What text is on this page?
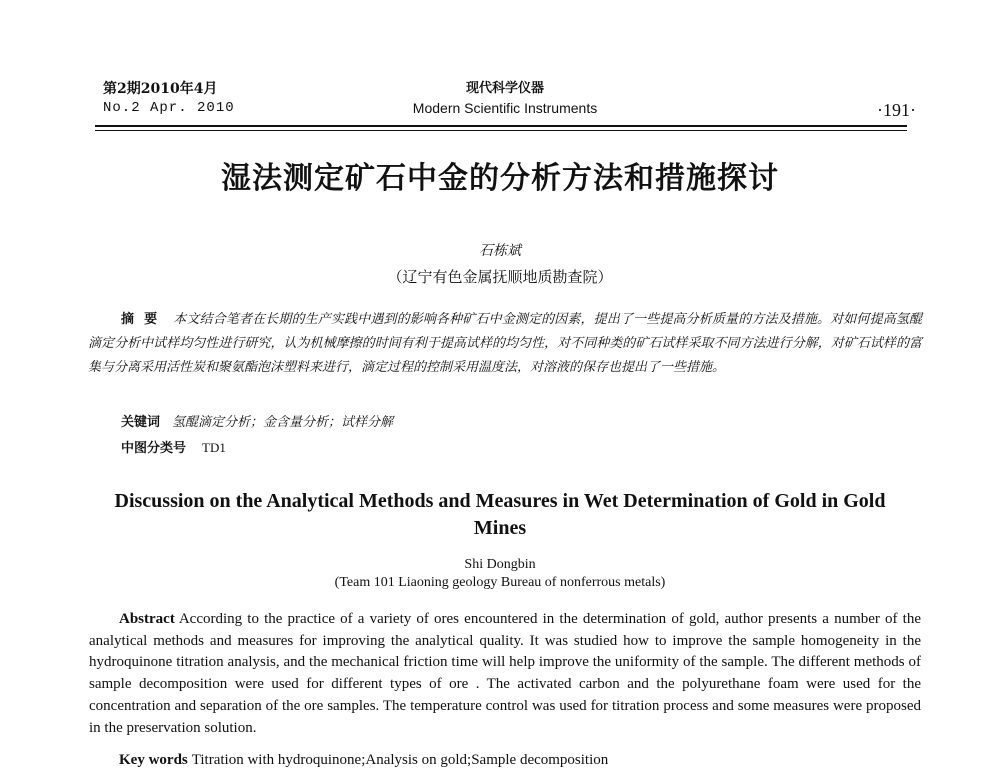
第2期2010年4月
No.2 Apr. 2010
现代科学仪器
Modern Scientific Instruments	·191·
湿法测定矿石中金的分析方法和措施探讨
石栋斌
（辽宁有色金属抚顺地质勘查院）
摘要 本文结合笔者在长期的生产实践中遇到的影响各种矿石中金测定的因素，提出了一些提高分析质量的方法及措施。对如何提高氢醌滴定分析中试样均匀性进行研究，认为机械摩擦的时间有利于提高试样的均匀性，对不同种类的矿石试样采取不同方法进行分解，对矿石试样的富集与分离采用活性炭和聚氨酯泡沫塑料来进行，滴定过程的控制采用温度法，对溶液的保存也提出了一些措施。
关键词 氢醌滴定分析；金含量分析；试样分解
中图分类号 TD1
Discussion on the Analytical Methods and Measures in Wet Determination of Gold in Gold Mines
Shi Dongbin
(Team 101 Liaoning geology Bureau of nonferrous metals)
Abstract According to the practice of a variety of ores encountered in the determination of gold, author presents a number of the analytical methods and measures for improving the analytical quality. It was studied how to improve the sample homogeneity in the hydroquinone titration analysis, and the mechanical friction time will help improve the uniformity of the sample. The different methods of sample decomposition were used for different types of ore . The activated carbon and the polyurethane foam were used for the concentration and separation of the ore samples. The temperature control was used for titration process and some measures were proposed in the preservation solution.
Key words Titration with hydroquinone;Analysis on gold;Sample decomposition
